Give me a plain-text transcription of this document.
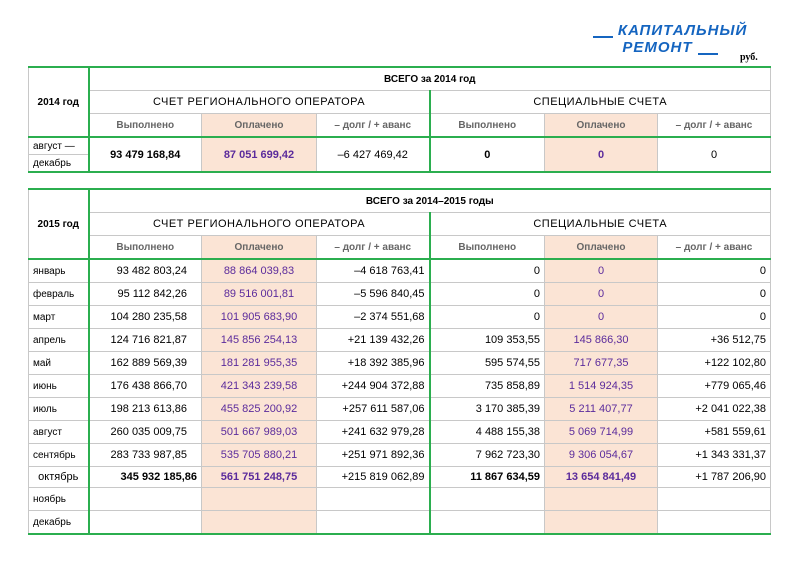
КАПИТАЛЬНЫЙ РЕМОНТ
руб.
2014 год	ВСЕГО за 2014 год					
	СЧЕТ РЕГИОНАЛЬНОГО ОПЕРАТОРА			СПЕЦИАЛЬНЫЕ СЧЕТА		
	Выполнено	Оплачено	– долг / + аванс	Выполнено	Оплачено	– долг / + аванс
август —	93 479 168,84	87 051 699,42	–6 427 469,42	0	0	0
декабрь						
2015 год	ВСЕГО за 2014–2015 годы					
	СЧЕТ РЕГИОНАЛЬНОГО ОПЕРАТОРА			СПЕЦИАЛЬНЫЕ СЧЕТА		
	Выполнено	Оплачено	– долг / + аванс	Выполнено	Оплачено	– долг / + аванс
январь	93 482 803,24	88 864 039,83	–4 618 763,41	0	0	0
февраль	95 112 842,26	89 516 001,81	–5 596 840,45	0	0	0
март	104 280 235,58	101 905 683,90	–2 374 551,68	0	0	0
апрель	124 716 821,87	145 856 254,13	+21 139 432,26	109 353,55	145 866,30	+36 512,75
май	162 889 569,39	181 281 955,35	+18 392 385,96	595 574,55	717 677,35	+122 102,80
июнь	176 438 866,70	421 343 239,58	+244 904 372,88	735 858,89	1 514 924,35	+779 065,46
июль	198 213 613,86	455 825 200,92	+257 611 587,06	3 170 385,39	5 211 407,77	+2 041 022,38
август	260 035 009,75	501 667 989,03	+241 632 979,28	4 488 155,38	5 069 714,99	+581 559,61
сентябрь	283 733 987,85	535 705 880,21	+251 971 892,36	7 962 723,30	9 306 054,67	+1 343 331,37
октябрь	345 932 185,86	561 751 248,75	+215 819 062,89	11 867 634,59	13 654 841,49	+1 787 206,90
ноябрь						
декабрь						
